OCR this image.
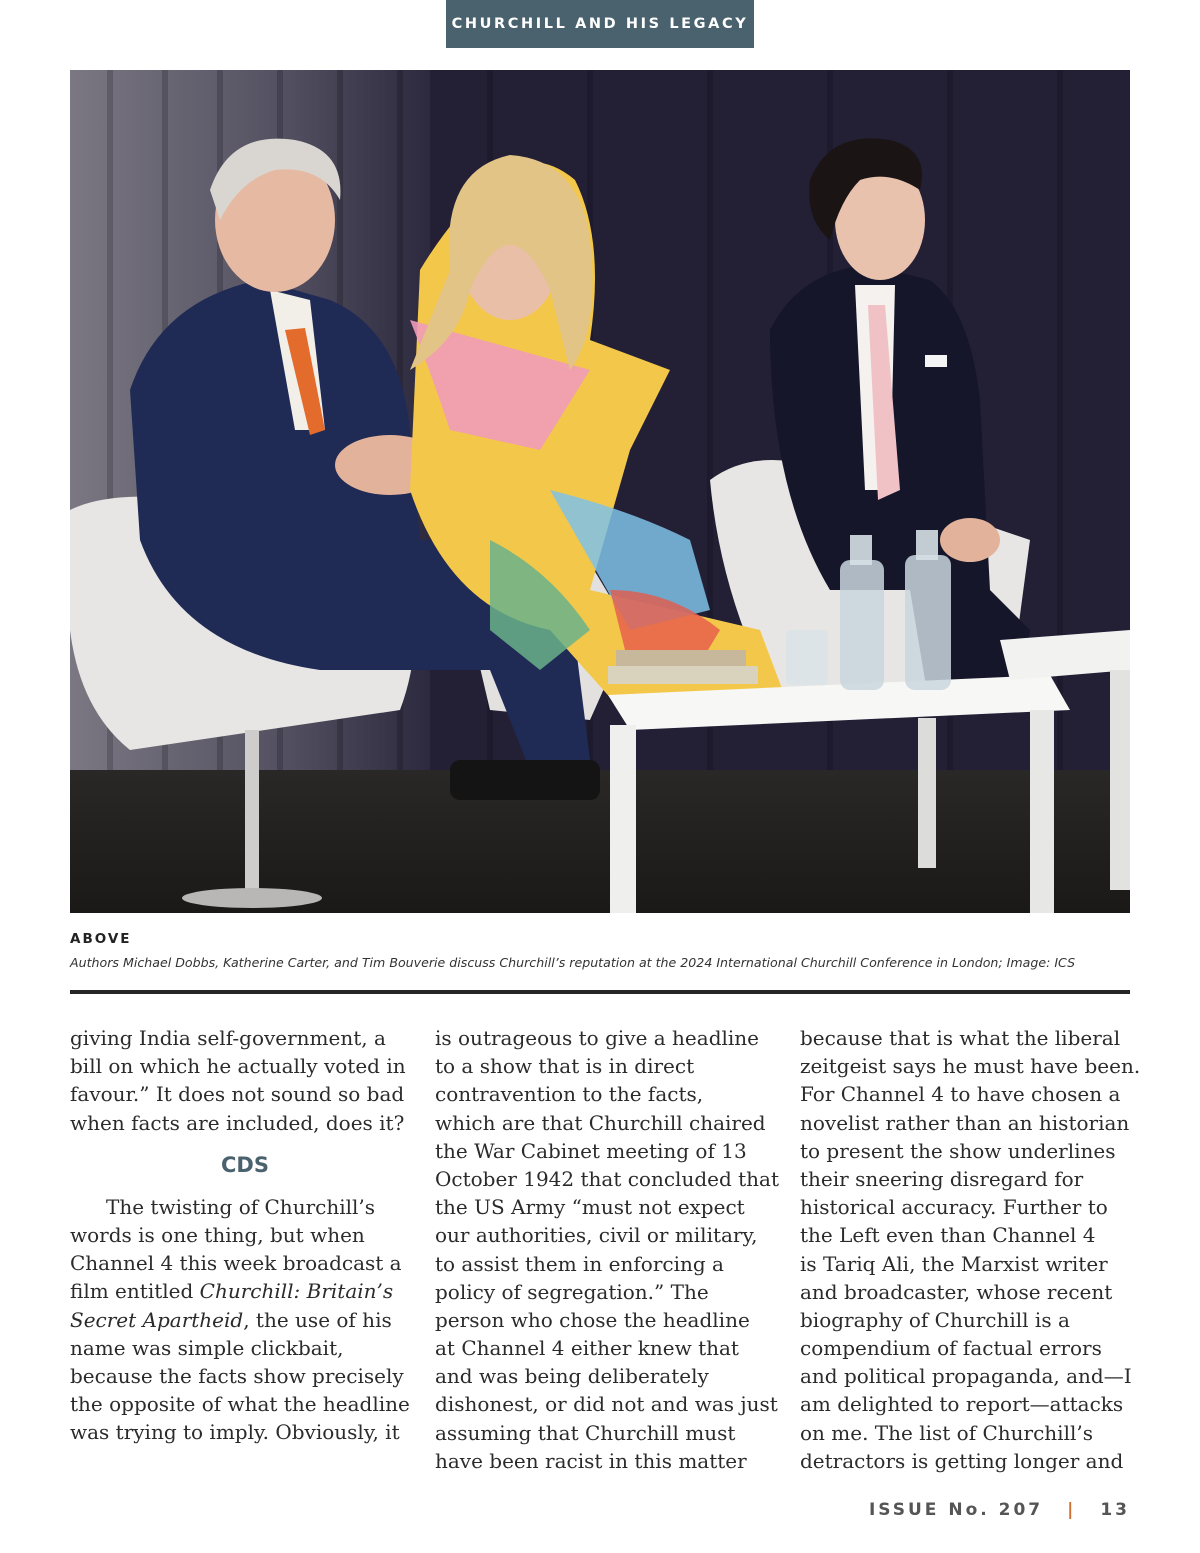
CHURCHILL AND HIS LEGACY
ABOVE
Authors Michael Dobbs, Katherine Carter, and Tim Bouverie discuss Churchill’s reputation at the 2024 International Churchill Conference in London; Image: ICS
giving India self-government, a
bill on which he actually voted in
favour.” It does not sound so bad
when facts are included, does it?
CDS
The twisting of Churchill’s
words is one thing, but when
Channel 4 this week broadcast a
film entitled Churchill: Britain’s
Secret Apartheid, the use of his
name was simple clickbait,
because the facts show precisely
the opposite of what the headline
was trying to imply. Obviously, it
is outrageous to give a headline
to a show that is in direct
contravention to the facts,
which are that Churchill chaired
the War Cabinet meeting of 13
October 1942 that concluded that
the US Army “must not expect
our authorities, civil or military,
to assist them in enforcing a
policy of segregation.” The
person who chose the headline
at Channel 4 either knew that
and was being deliberately
dishonest, or did not and was just
assuming that Churchill must
have been racist in this matter
because that is what the liberal
zeitgeist says he must have been.
For Channel 4 to have chosen a
novelist rather than an historian
to present the show underlines
their sneering disregard for
historical accuracy. Further to
the Left even than Channel 4
is Tariq Ali, the Marxist writer
and broadcaster, whose recent
biography of Churchill is a
compendium of factual errors
and political propaganda, and—I
am delighted to report—attacks
on me. The list of Churchill’s
detractors is getting longer and
ISSUE No. 207 | 13
